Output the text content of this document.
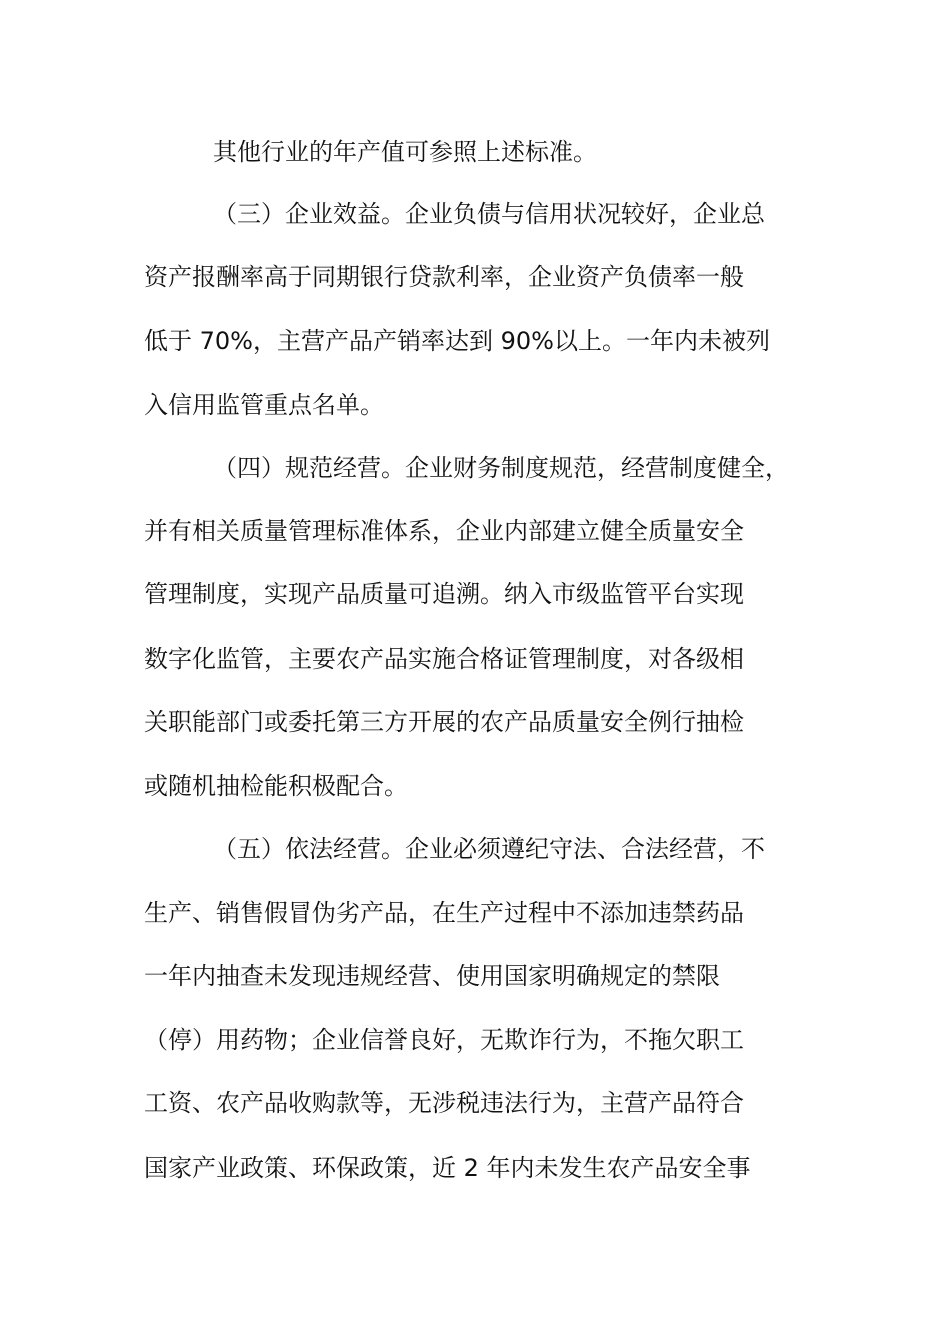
其他行业的年产值可参照上述标准。
（三）企业效益。企业负债与信用状况较好，企业总
资产报酬率高于同期银行贷款利率，企业资产负债率一般
低于 70%，主营产品产销率达到 90%以上。一年内未被列
入信用监管重点名单。
（四）规范经营。企业财务制度规范，经营制度健全，
并有相关质量管理标准体系，企业内部建立健全质量安全
管理制度，实现产品质量可追溯。纳入市级监管平台实现
数字化监管，主要农产品实施合格证管理制度，对各级相
关职能部门或委托第三方开展的农产品质量安全例行抽检
或随机抽检能积极配合。
（五）依法经营。企业必须遵纪守法、合法经营，不
生产、销售假冒伪劣产品，在生产过程中不添加违禁药品
一年内抽查未发现违规经营、使用国家明确规定的禁限
（停）用药物；企业信誉良好，无欺诈行为，不拖欠职工
工资、农产品收购款等，无涉税违法行为，主营产品符合
国家产业政策、环保政策，近 2 年内未发生农产品安全事
